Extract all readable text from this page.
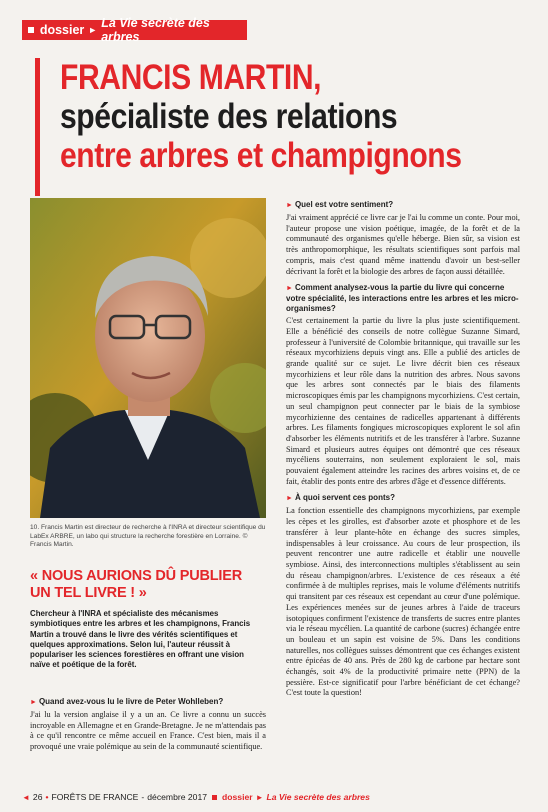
dossier ► La Vie secrète des arbres
FRANCIS MARTIN,
spécialiste des relations
entre arbres et champignons
10. Francis Martin est directeur de recherche à l'INRA et directeur scientifique du LabEx ARBRE, un labo qui structure la recherche forestière en Lorraine. © Francis Martin.
« NOUS AURIONS DÛ PUBLIER
UN TEL LIVRE ! »
Chercheur à l'INRA et spécialiste des mécanismes symbiotiques entre les arbres et les champignons, Francis Martin a trouvé dans le livre des vérités scientifiques et quelques approximations. Selon lui, l'auteur réussit à populariser les sciences forestières en offrant une vision naïve et poétique de la forêt.
► Quand avez-vous lu le livre de Peter Wohlleben?
J'ai lu la version anglaise il y a un an. Ce livre a connu un succès incroyable en Allemagne et en Grande-Bretagne. Je ne m'attendais pas à ce qu'il rencontre ce même accueil en France. C'est bien, mais il a provoqué une vraie polémique au sein de la communauté scientifique.
► Quel est votre sentiment?
J'ai vraiment apprécié ce livre car je l'ai lu comme un conte. Pour moi, l'auteur propose une vision poétique, imagée, de la forêt et de la communauté des organismes qu'elle héberge. Bien sûr, sa vision est très anthropomorphique, les résultats scientifiques sont parfois mal compris, mais c'est quand même inattendu d'avoir un best-seller décrivant la forêt et la biologie des arbres de façon aussi détaillée.
► Comment analysez-vous la partie du livre qui concerne votre spécialité, les interactions entre les arbres et les micro-organismes?
C'est certainement la partie du livre la plus juste scientifiquement. Elle a bénéficié des conseils de notre collègue Suzanne Simard, professeur à l'université de Colombie britannique, qui travaille sur les réseaux mycorhiziens depuis vingt ans. Elle a publié des articles de grande qualité sur ce sujet. Le livre décrit bien ces réseaux mycorhiziens et leur rôle dans la nutrition des arbres. Nous savons que les arbres sont connectés par le biais des filaments microscopiques émis par les champignons mycorhiziens. C'est certain, un seul champignon peut connecter par le biais de la symbiose mycorhizienne des centaines de radicelles appartenant à différents arbres. Les filaments fongiques microscopiques explorent le sol afin d'absorber les éléments nutritifs et de les transférer à l'arbre. Suzanne Simard et plusieurs autres équipes ont démontré que ces réseaux mycéliens souterrains, non seulement exploraient le sol, mais pouvaient également atteindre les racines des arbres voisins et, de ce fait, établir des ponts entre des arbres d'âge et d'essence différents.
► À quoi servent ces ponts?
La fonction essentielle des champignons mycorhiziens, par exemple les cèpes et les girolles, est d'absorber azote et phosphore et de les transférer à leur plante-hôte en échange des sucres simples, indispensables à leur croissance. Au cours de leur prospection, ils peuvent rencontrer une autre radicelle et établir une nouvelle symbiose. Ainsi, des interconnections multiples s'établissent au sein du réseau champignon/arbres. L'existence de ces réseaux a été confirmée à de multiples reprises, mais le volume d'éléments nutritifs qui transitent par ces réseaux est cependant au cœur d'une polémique. Les expériences menées sur de jeunes arbres à l'aide de traceurs isotopiques confirment l'existence de transferts de sucres entre plantes via le réseau mycélien. La quantité de carbone (sucres) échangée entre un bouleau et un sapin est voisine de 5%. Dans les conditions naturelles, nos collègues suisses démontrent que ces échanges existent entre épicéas de 40 ans. Près de 280 kg de carbone par hectare sont échangés, soit 4% de la productivité primaire nette (PPN) de la pessière. Est-ce significatif pour l'arbre bénéficiant de cet échange? C'est toute la question!
◄ 26 • FORÊTS DE FRANCE - décembre 2017 dossier ► La Vie secrète des arbres
